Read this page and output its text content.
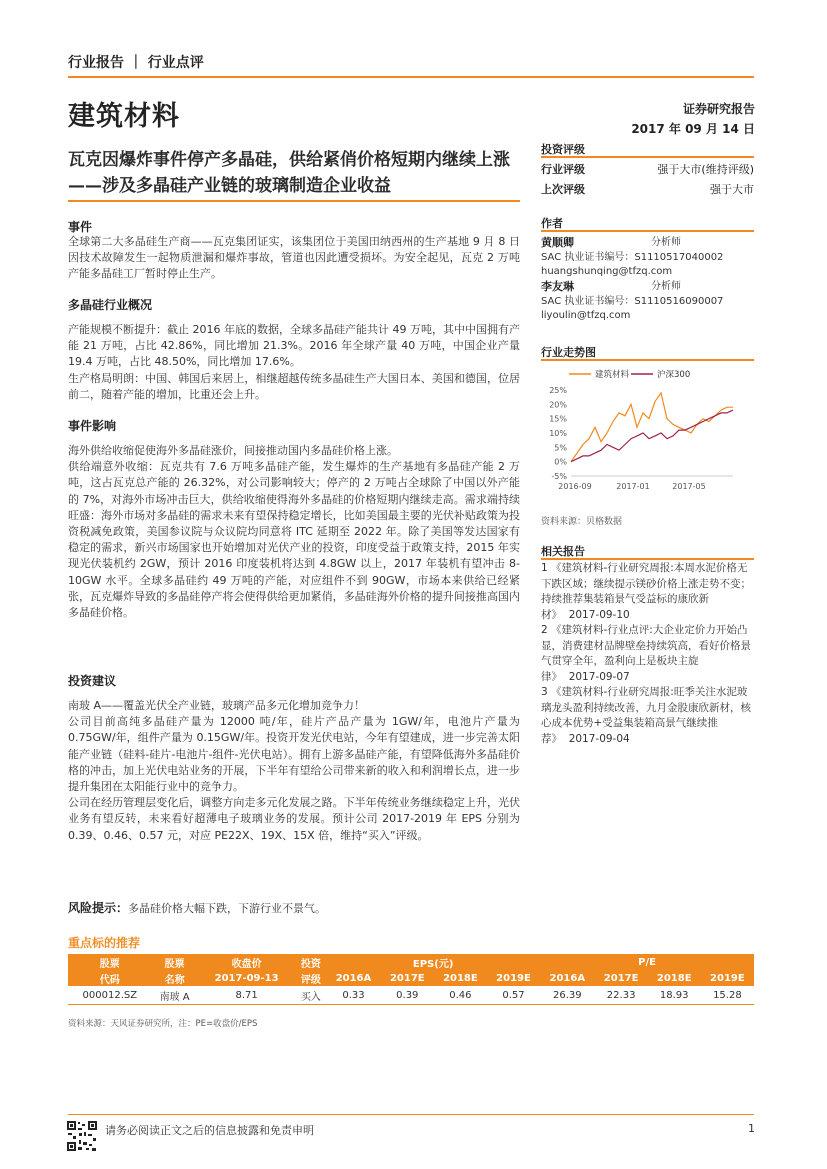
行业报告 ｜ 行业点评
建筑材料	证券研究报告
2017 年 09 月 14 日
瓦克因爆炸事件停产多晶硅，供给紧俏价格短期内继续上涨——涉及多晶硅产业链的玻璃制造企业收益
事件

全球第二大多晶硅生产商——瓦克集团证实，该集团位于美国田纳西州的生产基地 9 月 8 日因技术故障发生一起物质泄漏和爆炸事故，管道也因此遭受损坏。为安全起见，瓦克 2 万吨产能多晶硅工厂暂时停止生产。

多晶硅行业概况

产能规模不断提升：截止 2016 年底的数据，全球多晶硅产能共计 49 万吨，其中中国拥有产能 21 万吨，占比 42.86%，同比增加 21.3%。2016 年全球产量 40 万吨，中国企业产量 19.4 万吨，占比 48.50%，同比增加 17.6%。

生产格局明朗：中国、韩国后来居上，相继超越传统多晶硅生产大国日本、美国和德国，位居前二，随着产能的增加，比重还会上升。

事件影响

海外供给收缩促使海外多晶硅涨价，间接推动国内多晶硅价格上涨。

供给端意外收缩：瓦克共有 7.6 万吨多晶硅产能，发生爆炸的生产基地有多晶硅产能 2 万吨，这占瓦克总产能的 26.32%，对公司影响较大；停产的 2 万吨占全球除了中国以外产能的 7%，对海外市场冲击巨大，供给收缩使得海外多晶硅的价格短期内继续走高。需求端持续旺盛：海外市场对多晶硅的需求未来有望保持稳定增长，比如美国最主要的光伏补贴政策为投资税减免政策，美国参议院与众议院均同意将 ITC 延期至 2022 年。除了美国等发达国家有稳定的需求，新兴市场国家也开始增加对光伏产业的投资，印度受益于政策支持，2015 年实现光伏装机约 2GW，预计 2016 印度装机将达到 4.8GW 以上，2017 年装机有望冲击 8-10GW 水平。全球多晶硅约 49 万吨的产能，对应组件不到 90GW，市场本来供给已经紧张，瓦克爆炸导致的多晶硅停产将会使得供给更加紧俏，多晶硅海外价格的提升间接推高国内多晶硅价格。

投资建议

南玻 A——覆盖光伏全产业链，玻璃产品多元化增加竞争力！

公司目前高纯多晶硅产量为 12000 吨/年，硅片产品产量为 1GW/年，电池片产量为 0.75GW/年，组件产量为 0.15GW/年。投资开发光伏电站，今年有望建成，进一步完善太阳能产业链（硅料-硅片-电池片-组件-光伏电站）。拥有上游多晶硅产能，有望降低海外多晶硅价格的冲击，加上光伏电站业务的开展，下半年有望给公司带来新的收入和利润增长点，进一步提升集团在太阳能行业中的竞争力。

公司在经历管理层变化后，调整方向走多元化发展之路。下半年传统业务继续稳定上升，光伏业务有望反转，未来看好超薄电子玻璃业务的发展。预计公司 2017-2019 年 EPS 分别为 0.39、0.46、0.57 元，对应 PE22X、19X、15X 倍，维持“买入”评级。

风险提示：多晶硅价格大幅下跌，下游行业不景气。
投资评级
行业评级	强于大市(维持评级)
上次评级	强于大市
作者
黄顺卿	分析师
SAC 执业证书编号：S1110517040002
huangshunqing@tfzq.com
李友琳	分析师
SAC 执业证书编号：S1110516090007
liyoulin@tfzq.com
行业走势图
建筑材料	沪深300
25%
20%
15%
10%
5%
0%
-5%
2016-09	2017-01	2017-05
资料来源：贝格数据
相关报告

1 《建筑材料-行业研究周报:本周水泥价格无下跌区域；继续提示镁砂价格上涨走势不变；持续推荐集装箱景气受益标的康欣新材》 2017-09-10

2 《建筑材料-行业点评:大企业定价力开始凸显，消费建材品牌壁垒持续筑高，看好价格景气贯穿全年，盈利向上是板块主旋律》 2017-09-07

3 《建筑材料-行业研究周报:旺季关注水泥玻璃龙头盈利持续改善，九月金股康欣新材，核心成本优势+受益集装箱高景气继续推荐》 2017-09-04

重点标的推荐
股票	股票	收盘价	投资	EPS(元)				P/E			
代码	名称	2017-09-13	评级	2016A	2017E	2018E	2019E	2016A	2017E	2018E	2019E
000012.SZ	南玻 A	8.71	买入	0.33	0.39	0.46	0.57	26.39	22.33	18.93	15.28
资料来源：天风证券研究所，注：PE=收盘价/EPS
请务必阅读正文之后的信息披露和免责申明	1
